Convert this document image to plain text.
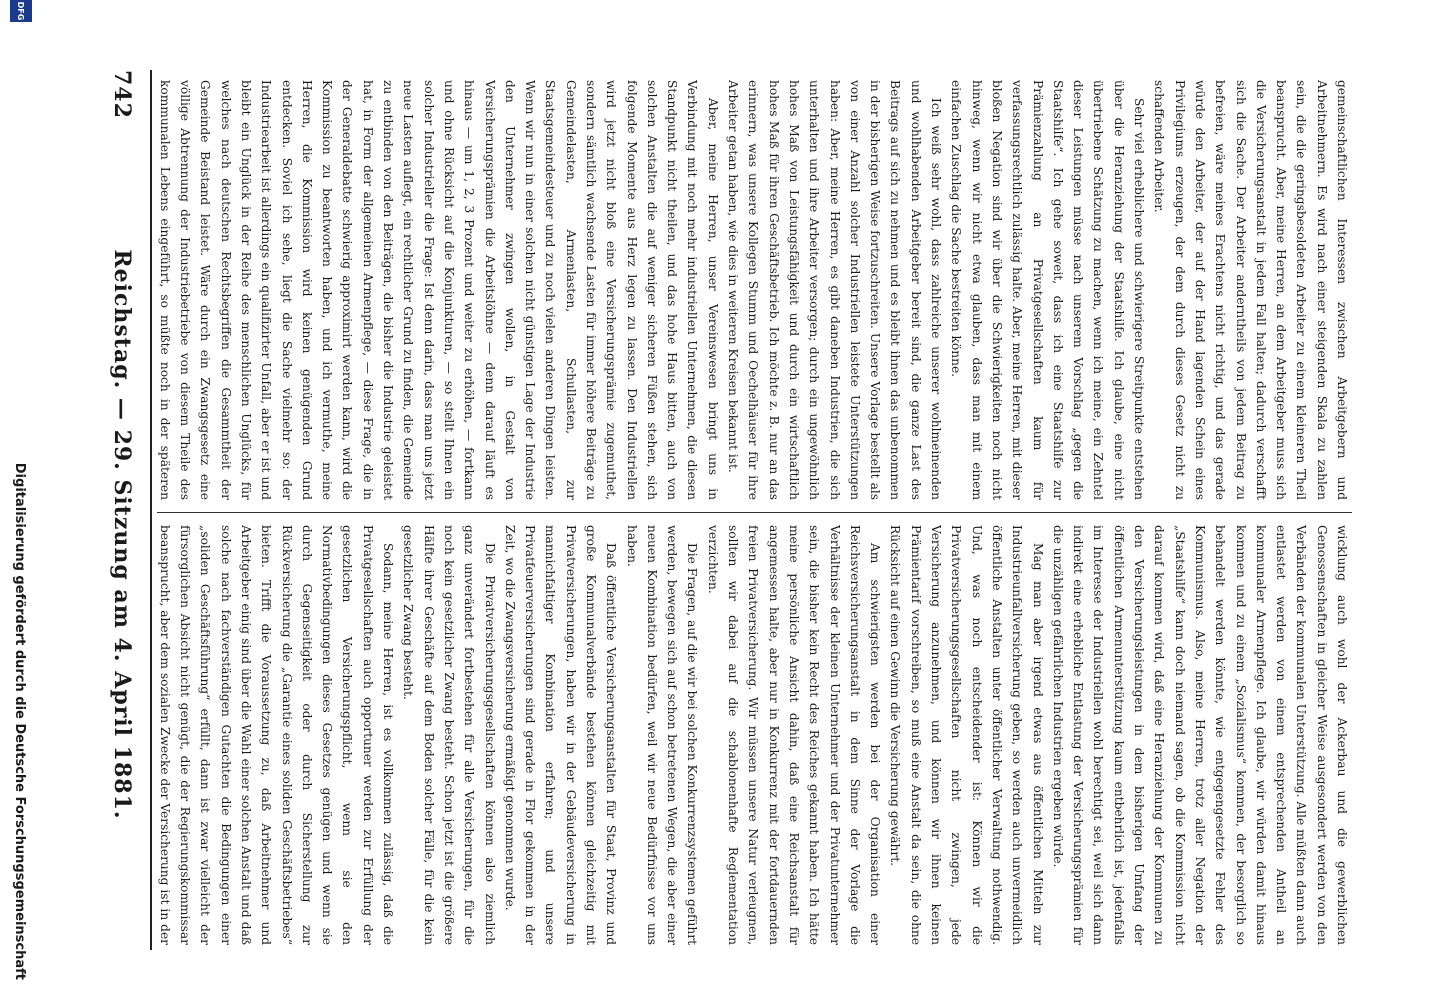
742
Reichstag. — 29. Sitzung am 4. April 1881.	gemeinschaftlichen Interessen zwischen Arbeitgebern und Arbeitnehmern. Es wird nach einer steigenden Skala zu zahlen sein, die die geringsbesoldeten Arbeiter zu einem kleineren Theil beansprucht. Aber, meine Herren, an dem Arbeitgeber muss sich die Versicherungsanstalt in jedem Fall halten; dadurch verschafft sich die Sache. Der Arbeiter anderntheils von jedem Beitrag zu befreien, wäre meines Erachtens nicht richtig, und das gerade würde den Arbeiter, der auf der Hand lagenden Schein eines Privilegiums erzeugen, der dem durch dieses Gesetz nicht zu schaffenden Arbeiter.

Sehr viel erheblichere und schwierigere Streitpunkte entstehen über die Heranziehung der Staatshilfe. Ich glaube, eine nicht übertriebene Schätzung zu machen, wenn ich meine, ein Zehntel dieser Leistungen müsse nach unserem Vorschlag „gegen die Staatshilfe“. Ich gehe soweit, dass ich eine Staatshilfe zur Prämienzahlung an Privatgesellschaften kaum für verfassungsrechtlich zulässig halte. Aber, meine Herren, mit dieser bloßen Negation sind wir über die Schwierigkeiten noch nicht hinweg, wenn wir nicht etwa glauben, dass man mit einem einfachen Zuschlag die Sache bestreiten könne.

Ich weiß sehr wohl, dass zahlreiche unserer wohlmeinenden und wohlhabenden Arbeitgeber bereit sind, die ganze Last des Beitrags auf sich zu nehmen und es bleibt ihnen das unbenommen in der bisherigen Weise fortzuschreiten. Unsere Vorlage bestellt als von einer Anzahl solcher Industriellen leistete Unterstützungen haben: Aber, meine Herren, es gibt daneben Industrien, die sich unterhalten und ihre Arbeiter versorgen; durch ein ungewöhnlich hohes Maß von Leistungsfähigkeit und durch ein wirtschaftlich hohes Maß für ihren Geschäftsbetrieb. Ich möchte z. B. nur an das erinnern, was unsere Kollegen Stumm und Oechelhäuser für ihre Arbeiter getan haben, wie dies in weiteren Kreisen bekannt ist.

Aber, meine Herren, unser Vereinswesen bringt uns in Verbindung mit noch mehr industriellen Unternehmen, die diesen Standpunkt nicht theilen, und das hohe Haus bitten, auch von solchen Anstalten die auf weniger sicheren Füßen stehen, sich folgende Momente aus Herz legen zu lassen. Den Industriellen wird jetzt nicht bloß eine Versicherungsprämie zugemuthet, sondern sämtlich wachsende Lasten für immer höhere Beiträge zu Gemeindelasten, Armenlasten, Schullasten, zur Staatsgemeindesteuer und zu noch vielen anderen Dingen leisten. Wenn wir nun in einer solchen nicht günstigen Lage der Industrie den Unternehmer zwingen wollen, in Gestalt von Versicherungsprämien die Arbeitslöhne — denn darauf läuft es hinaus — um 1, 2, 3 Prozent und weiter zu erhöhen, — fortkann und ohne Rücksicht auf die Konjunkturen, — so stellt Ihnen ein solcher Industrieller die Frage: Ist denn darin, dass man uns jetzt neue Lasten auflegt, ein rechtlicher Grund zu finden, die Gemeinde zu entbinden von den Beiträgen, die bisher die Industrie geleistet hat, in Form der allgemeinen Armenpflege, — diese Frage, die in der Generaldebatte schwierig approximirt werden kann, wird die Kommission zu beantworten haben, und ich vermuthe, meine Herren, die Kommission wird keinen genügenden Grund entdecken. Soviel ich sehe, liegt die Sache vielmehr so: der Industriearbeit ist allerdings ein qualifizirter Unfall, aber er ist und bleibt ein Unglück in der Reihe des menschlichen Unglücks, für welches nach deutschen Rechtsbegriffen die Gesammtheit der Gemeinde Beistand leistet. Wäre durch ein Zwangsgesetz eine völlige Abtrennung der Industriebetriebe von diesem Theile des kommunalen Lebens eingeführt, so müßte noch in der späteren

wicklung auch wohl der Ackerbau und die gewerblichen Genossenschaften in gleicher Weise ausgesondert werden von den Verbänden der kommunalen Unterstützung. Alle müßten dann auch entlastet werden von einem entsprechenden Antheil an kommunaler Armenpflege. Ich glaube, wir würden damit hinaus kommen und zu einem „Sozialismus“ kommen, der besorglich so behandelt werden könnte, wie entgegengesetzte Fehler des Kommunismus. Also, meine Herren, trotz aller Negation der „Staatshilfe“ kann doch niemand sagen, ob die Kommission nicht darauf kommen wird, daß eine Heranziehung der Kommunen zu den Versicherungsleistungen in dem bisherigen Umfang der öffentlichen Armenunterstützung kaum entbehrlich ist, jedenfalls im Interesse der Industriellen wohl berechtigt sei, weil sich dann indirekt eine erhebliche Entlastung der Versicherungsprämien für die unzähligen gefährlichen Industrien ergeben würde.

Mag man aber irgend etwas aus öffentlichen Mitteln zur Industrieunfallversicherung geben, so werden auch unvermeidlich öffentliche Anstalten unter öffentlicher Verwaltung nothwendig. Und, was noch entscheidender ist: Können wir die Privatversicherungsgesellschaften nicht zwingen, jede Versicherung anzunehmen, und können wir ihnen keinen Prämientarif vorschreiben, so muß eine Anstalt da sein, die ohne Rücksicht auf einen Gewinn die Versicherung gewährt.

Am schwierigsten werden bei der Organisation einer Reichsversicherungsanstalt in dem Sinne der Vorlage die Verhältnisse der kleinen Unternehmer und der Privatunternehmer sein, die bisher kein Recht des Reiches gekannt haben. Ich hätte meine persönliche Ansicht dahin, daß eine Reichsanstalt für angemessen halte, aber nur in Konkurrenz mit der fortdauernden freien Privatversicherung. Wir müssen unsere Natur verleugnen, sollten wir dabei auf die schablonenhafte Reglementation verzichten.

Die Fragen, auf die wir bei solchen Konkurrenzsystemen geführt werden, bewegen sich auf schon betretenen Wegen, die aber einer neuen Kombination bedürfen, weil wir neue Bedürfnisse vor uns haben.

Daß öffentliche Versicherungsanstalten für Staat, Provinz und große Kommunalverbände bestehen können gleichzeitig mit Privatversicherungen, haben wir in der Gebäudeversicherung in mannichfaltiger Kombination erfahren; und unsere Privatfeuerversicherungen sind gerade in Flor gekommen in der Zeit, wo die Zwangsversicherung ermäßigt genommen wurde.

Die Privatversicherungsgesellschaften können also ziemlich ganz unverändert fortbestehen für alle Versicherungen, für die noch kein gesetzlicher Zwang besteht. Schon jetzt ist die größere Hälfte ihrer Geschäfte auf dem Boden solcher Fälle, für die kein gesetzlicher Zwang besteht.

Sodann, meine Herren, ist es vollkommen zulässig, daß die Privatgesellschaften auch opportuner werden zur Erfüllung der gesetzlichen Versicherungspflicht, wenn sie den Normativbedingungen dieses Gesetzes genügen und wenn sie durch Gegenseitigkeit oder durch Sicherstellung zur Rückversicherung die „Garantie eines soliden Geschäftsbetriebes“ bieten. Trifft die Voraussetzung zu, daß Arbeitnehmer und Arbeitgeber einig sind über die Wahl einer solchen Anstalt und daß solche nach fachverständigen Gutachten die Bedingungen einer „soliden Geschäftsführung“ erfüllt, dann ist zwar vielleicht der fürsorglichen Absicht nicht genügt, die der Regierungskommissar beansprucht, aber dem sozialen Zwecke der Versicherung ist in der

Digitalisierung gefördert durch die Deutsche Forschungsgemeinschaft
DFG
